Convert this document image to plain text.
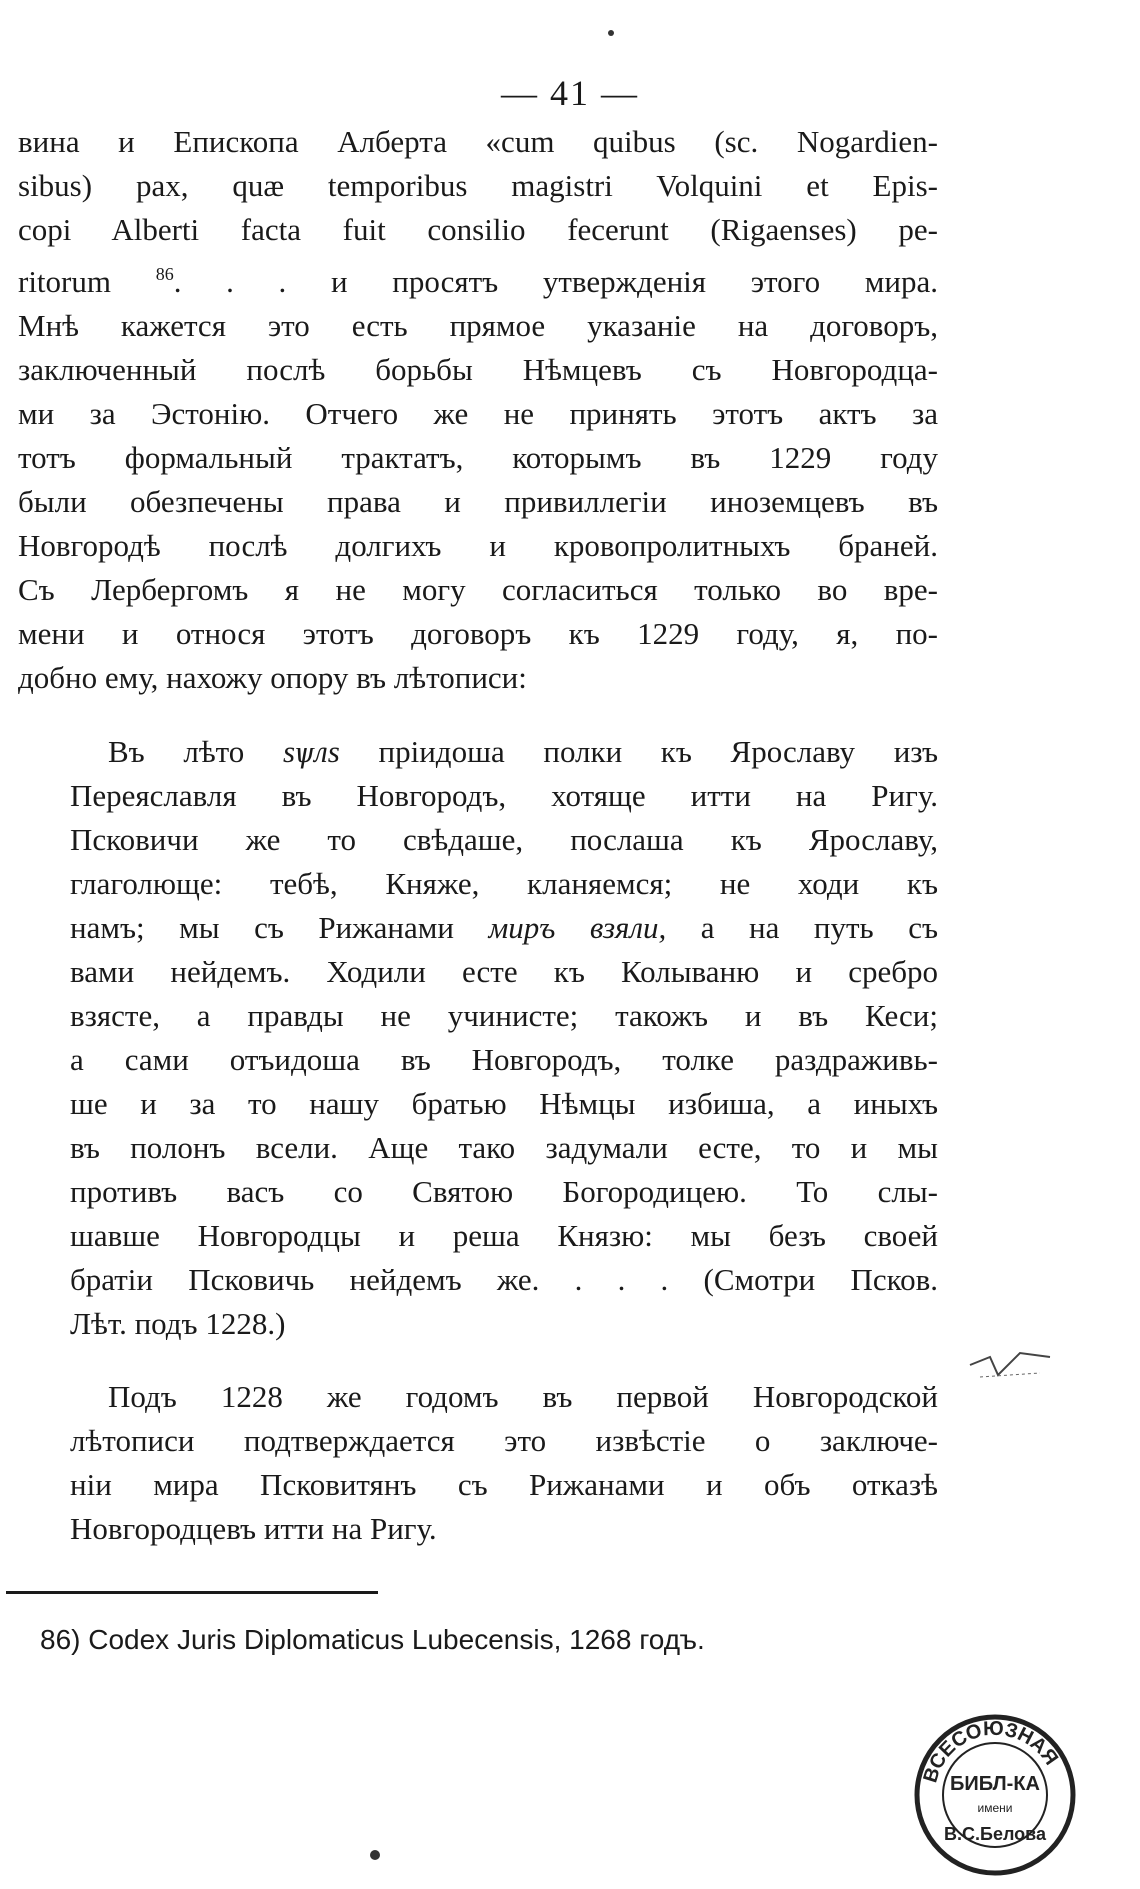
— 41 —
вина и Епископа Алберта «cum quibus (sc. Nogardien-
sibus) pax, quæ temporibus magistri Volquini et Epis-
copi Alberti facta fuit consilio fecerunt (Rigaenses) pe-
ritorum $^{86}$. . . и просятъ утвержденія этого мира.
Мнѣ кажется это есть прямое указаніе на договоръ,
заключенный послѣ борьбы Нѣмцевъ съ Новгородца-
ми за Эстонію. Отчего же не принять этотъ актъ за
тотъ формальный трактатъ, которымъ въ 1229 году
были обезпечены права и привиллегіи иноземцевъ въ
Новгородѣ послѣ долгихъ и кровопролитныхъ браней.
Съ Лербергомъ я не могу согласиться только во вре-
мени и относя этотъ договоръ къ 1229 году, я, по-
добно ему, нахожу опору въ лѣтописи:
Въ лѣто ѕѱлѕ пріидоша полки къ Ярославу изъ
Переяславля въ Новгородъ, хотяще итти на Ригу.
Псковичи же то свѣдаше, послаша къ Ярославу,
глаголюще: тебѣ, Княже, кланяемся; не ходи къ
намъ; мы съ Рижанами миръ взяли, а на путь съ
вами нейдемъ. Ходили есте къ Колываню и сребро
взясте, а правды не учинисте; такожъ и въ Кеси;
а сами отъидоша въ Новгородъ, толке раздраживь-
ше и за то нашу братью Нѣмцы избиша, а иныхъ
въ полонъ всели. Аще тако задумали есте, то и мы
противъ васъ со Святою Богородицею. То слы-
шавше Новгородцы и реша Князю: мы безъ своей
братіи Псковичь нейдемъ же. . . . (Смотри Псков.
Лѣт. подъ 1228.)
Подъ 1228 же годомъ въ первой Новгородской
лѣтописи подтверждается это извѣстіе о заключе-
ніи мира Псковитянъ съ Рижанами и объ отказѣ
Новгородцевъ итти на Ригу.
86) Codex Juris Diplomaticus Lubecensis, 1268 годъ.
ВСЕСОЮЗНАЯ
БИБЛ-КА
имени
В.С.Белова
